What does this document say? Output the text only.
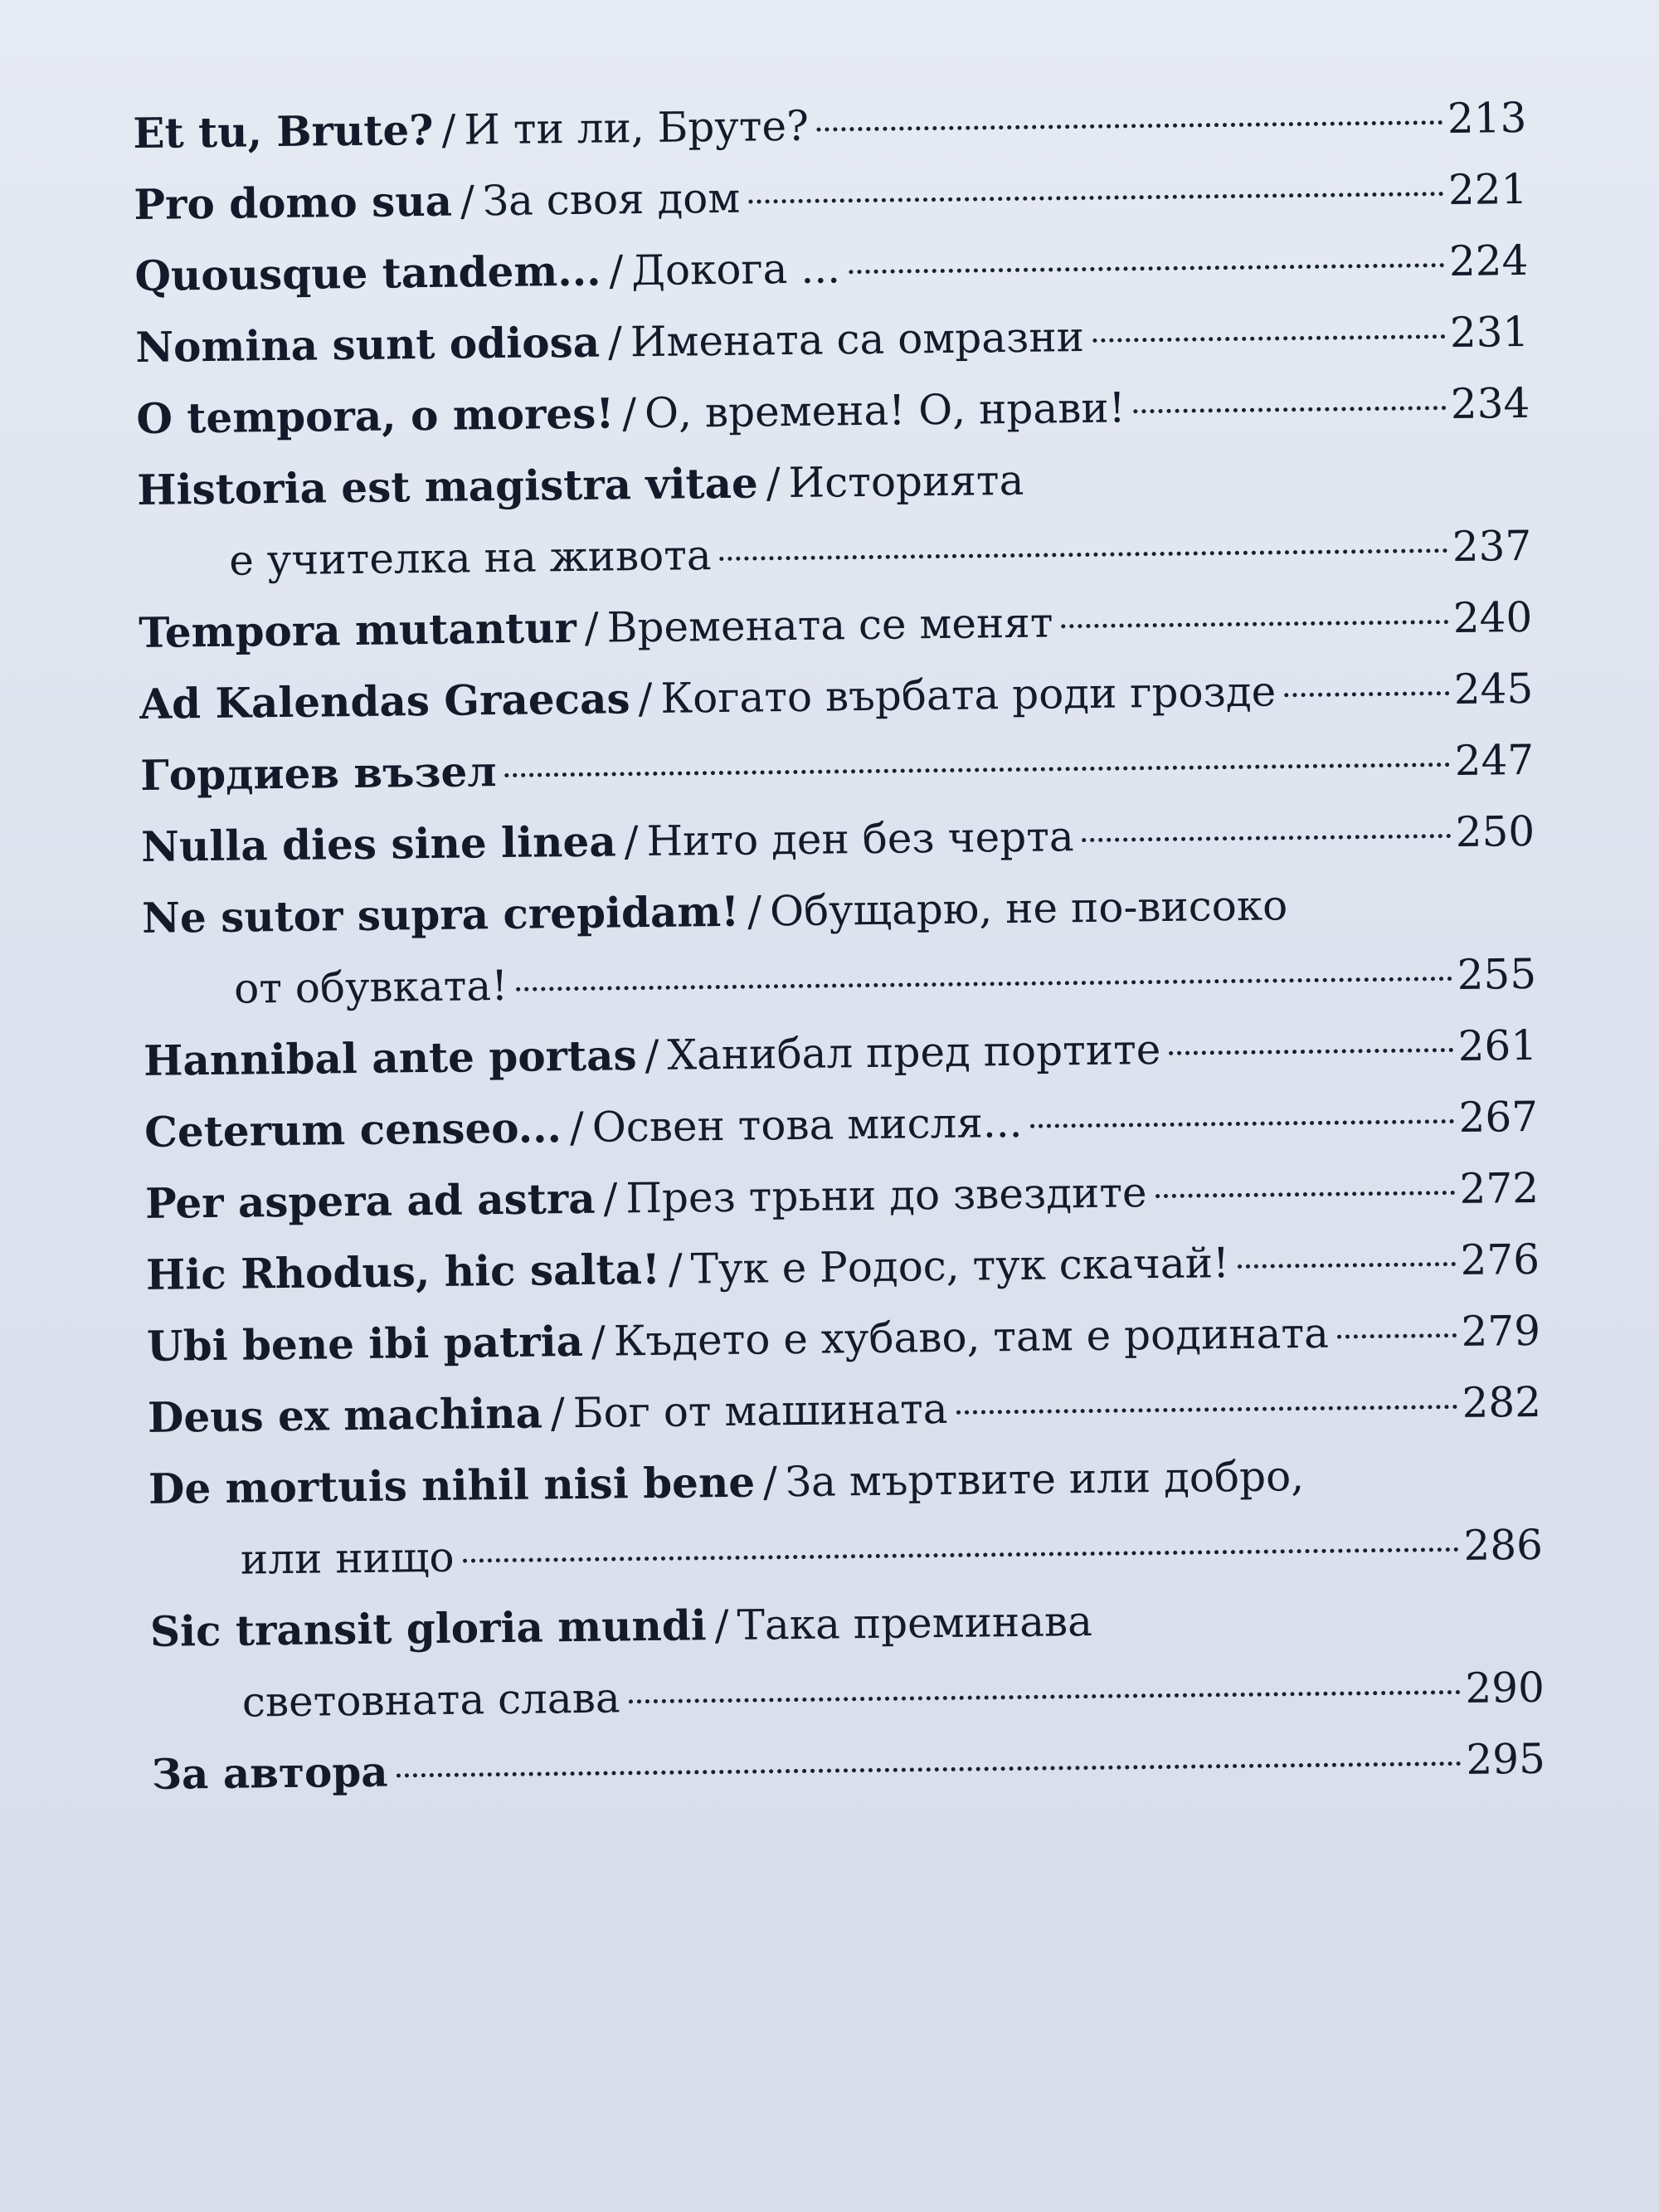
Et tu, Brute? / И ти ли, Бруте?	213
Pro domo sua / За своя дом	221
Quousque tandem... / Докога ...	224
Nomina sunt odiosa / Имената са омразни	231
O tempora, o mores! / О, времена! О, нрави!	234
Historia est magistra vitae / Историята
е учителка на живота	237
Tempora mutantur / Времената се менят	240
Ad Kalendas Graecas / Когато върбата роди грозде	245
Гордиев възел	247
Nulla dies sine linea / Нито ден без черта	250
Ne sutor supra crepidam! / Обущарю, не по-високо
от обувката!	255
Hannibal ante portas / Ханибал пред портите	261
Ceterum censeo... / Освен това мисля...	267
Per aspera ad astra / През трьни до звездите	272
Hic Rhodus, hic salta! / Тук е Родос, тук скачай!	276
Ubi bene ibi patria / Където е хубаво, там е родината	279
Deus ex machina / Бог от машината	282
De mortuis nihil nisi bene / За мъртвите или добро,
или нищо	286
Sic transit gloria mundi / Така преминава
световната слава	290
За автора	295
